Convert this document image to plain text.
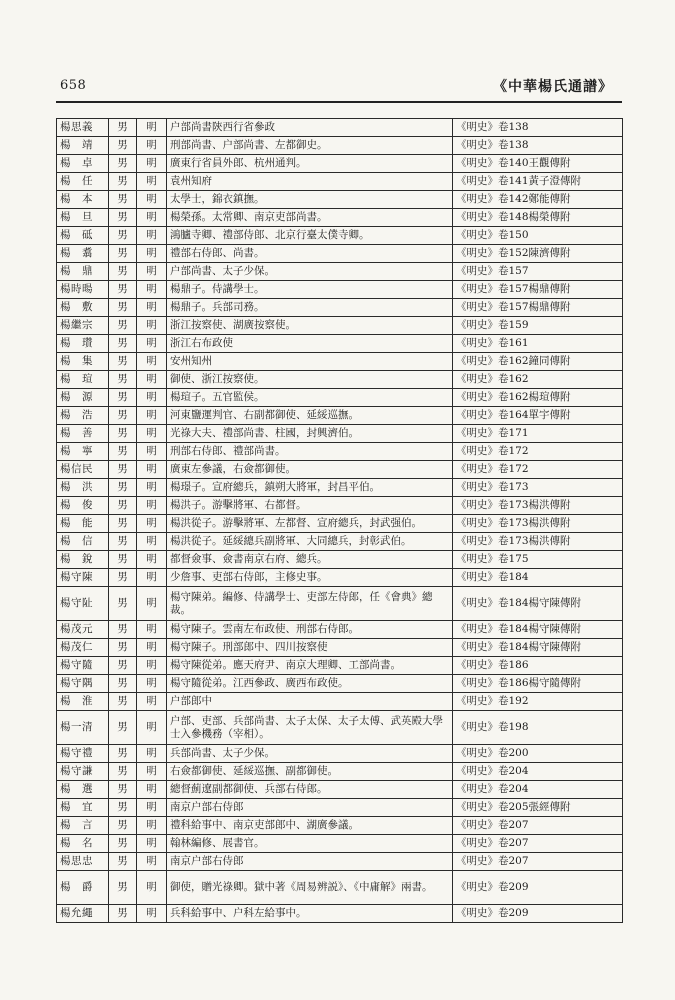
658	《中華楊氏通譜》
楊思義	男	明	户部尚書陝西行省參政	《明史》卷138
楊　靖	男	明	刑部尚書、户部尚書、左都御史。	《明史》卷138
楊　卓	男	明	廣東行省員外郎、杭州通判。	《明史》卷140王觀傳附
楊　任	男	明	袁州知府	《明史》卷141黃子澄傳附
楊　本	男	明	太學士，錦衣鎮撫。	《明史》卷142鄭能傳附
楊　旦	男	明	楊榮孫。太常卿、南京吏部尚書。	《明史》卷148楊榮傳附
楊　砥	男	明	鴻臚寺卿、禮部侍郎、北京行臺太僕寺卿。	《明史》卷150
楊　翥	男	明	禮部右侍郎、尚書。	《明史》卷152陳濟傳附
楊　鼎	男	明	户部尚書、太子少保。	《明史》卷157
楊時暘	男	明	楊鼎子。侍講學士。	《明史》卷157楊鼎傳附
楊　敷	男	明	楊鼎子。兵部司務。	《明史》卷157楊鼎傳附
楊繼宗	男	明	浙江按察使、湖廣按察使。	《明史》卷159
楊　瓚	男	明	浙江右布政使	《明史》卷161
楊　集	男	明	安州知州	《明史》卷162鐘同傳附
楊　瑄	男	明	御使、浙江按察使。	《明史》卷162
楊　源	男	明	楊瑄子。五官監侯。	《明史》卷162楊瑄傳附
楊　浩	男	明	河東鹽運判官、右副都御使、延綏巡撫。	《明史》卷164單宇傳附
楊　善	男	明	光祿大夫、禮部尚書、柱國，封興濟伯。	《明史》卷171
楊　寧	男	明	刑部右侍郎、禮部尚書。	《明史》卷172
楊信民	男	明	廣東左參議，右僉都御使。	《明史》卷172
楊　洪	男	明	楊璟子。宣府總兵，鎮朔大將軍，封昌平伯。	《明史》卷173
楊　俊	男	明	楊洪子。游擊將軍、右都督。	《明史》卷173楊洪傳附
楊　能	男	明	楊洪從子。游擊將軍、左都督、宣府總兵，封武强伯。	《明史》卷173楊洪傳附
楊　信	男	明	楊洪從子。延綏總兵副將軍、大同總兵，封彰武伯。	《明史》卷173楊洪傳附
楊　銳	男	明	都督僉事、僉書南京右府、總兵。	《明史》卷175
楊守陳	男	明	少詹事、吏部右侍郎，主修史事。	《明史》卷184
楊守阯	男	明	楊守陳弟。編修、侍講學士、吏部左侍郎，任《會典》總裁。	《明史》卷184楊守陳傳附
楊茂元	男	明	楊守陳子。雲南左布政使、刑部右侍郎。	《明史》卷184楊守陳傳附
楊茂仁	男	明	楊守陳子。刑部郎中、四川按察使	《明史》卷184楊守陳傳附
楊守隨	男	明	楊守陳從弟。應天府尹、南京大理卿、工部尚書。	《明史》卷186
楊守隅	男	明	楊守隨從弟。江西參政、廣西布政使。	《明史》卷186楊守隨傳附
楊　淮	男	明	户部郎中	《明史》卷192
楊一清	男	明	户部、吏部、兵部尚書、太子太保、太子太傅、武英殿大學士入參機務（宰相）。	《明史》卷198
楊守禮	男	明	兵部尚書、太子少保。	《明史》卷200
楊守謙	男	明	右僉都御使、延綏巡撫、副都御使。	《明史》卷204
楊　選	男	明	總督薊遼副都御使、兵部右侍郎。	《明史》卷204
楊　宜	男	明	南京户部右侍郎	《明史》卷205張經傳附
楊　言	男	明	禮科給事中、南京吏部郎中、湖廣參議。	《明史》卷207
楊　名	男	明	翰林編修、展書官。	《明史》卷207
楊思忠	男	明	南京户部右侍郎	《明史》卷207
楊　爵	男	明	御使，贈光祿卿。獄中著《周易辨説》、《中庸解》兩書。	《明史》卷209
楊允繩	男	明	兵科給事中、户科左給事中。	《明史》卷209
